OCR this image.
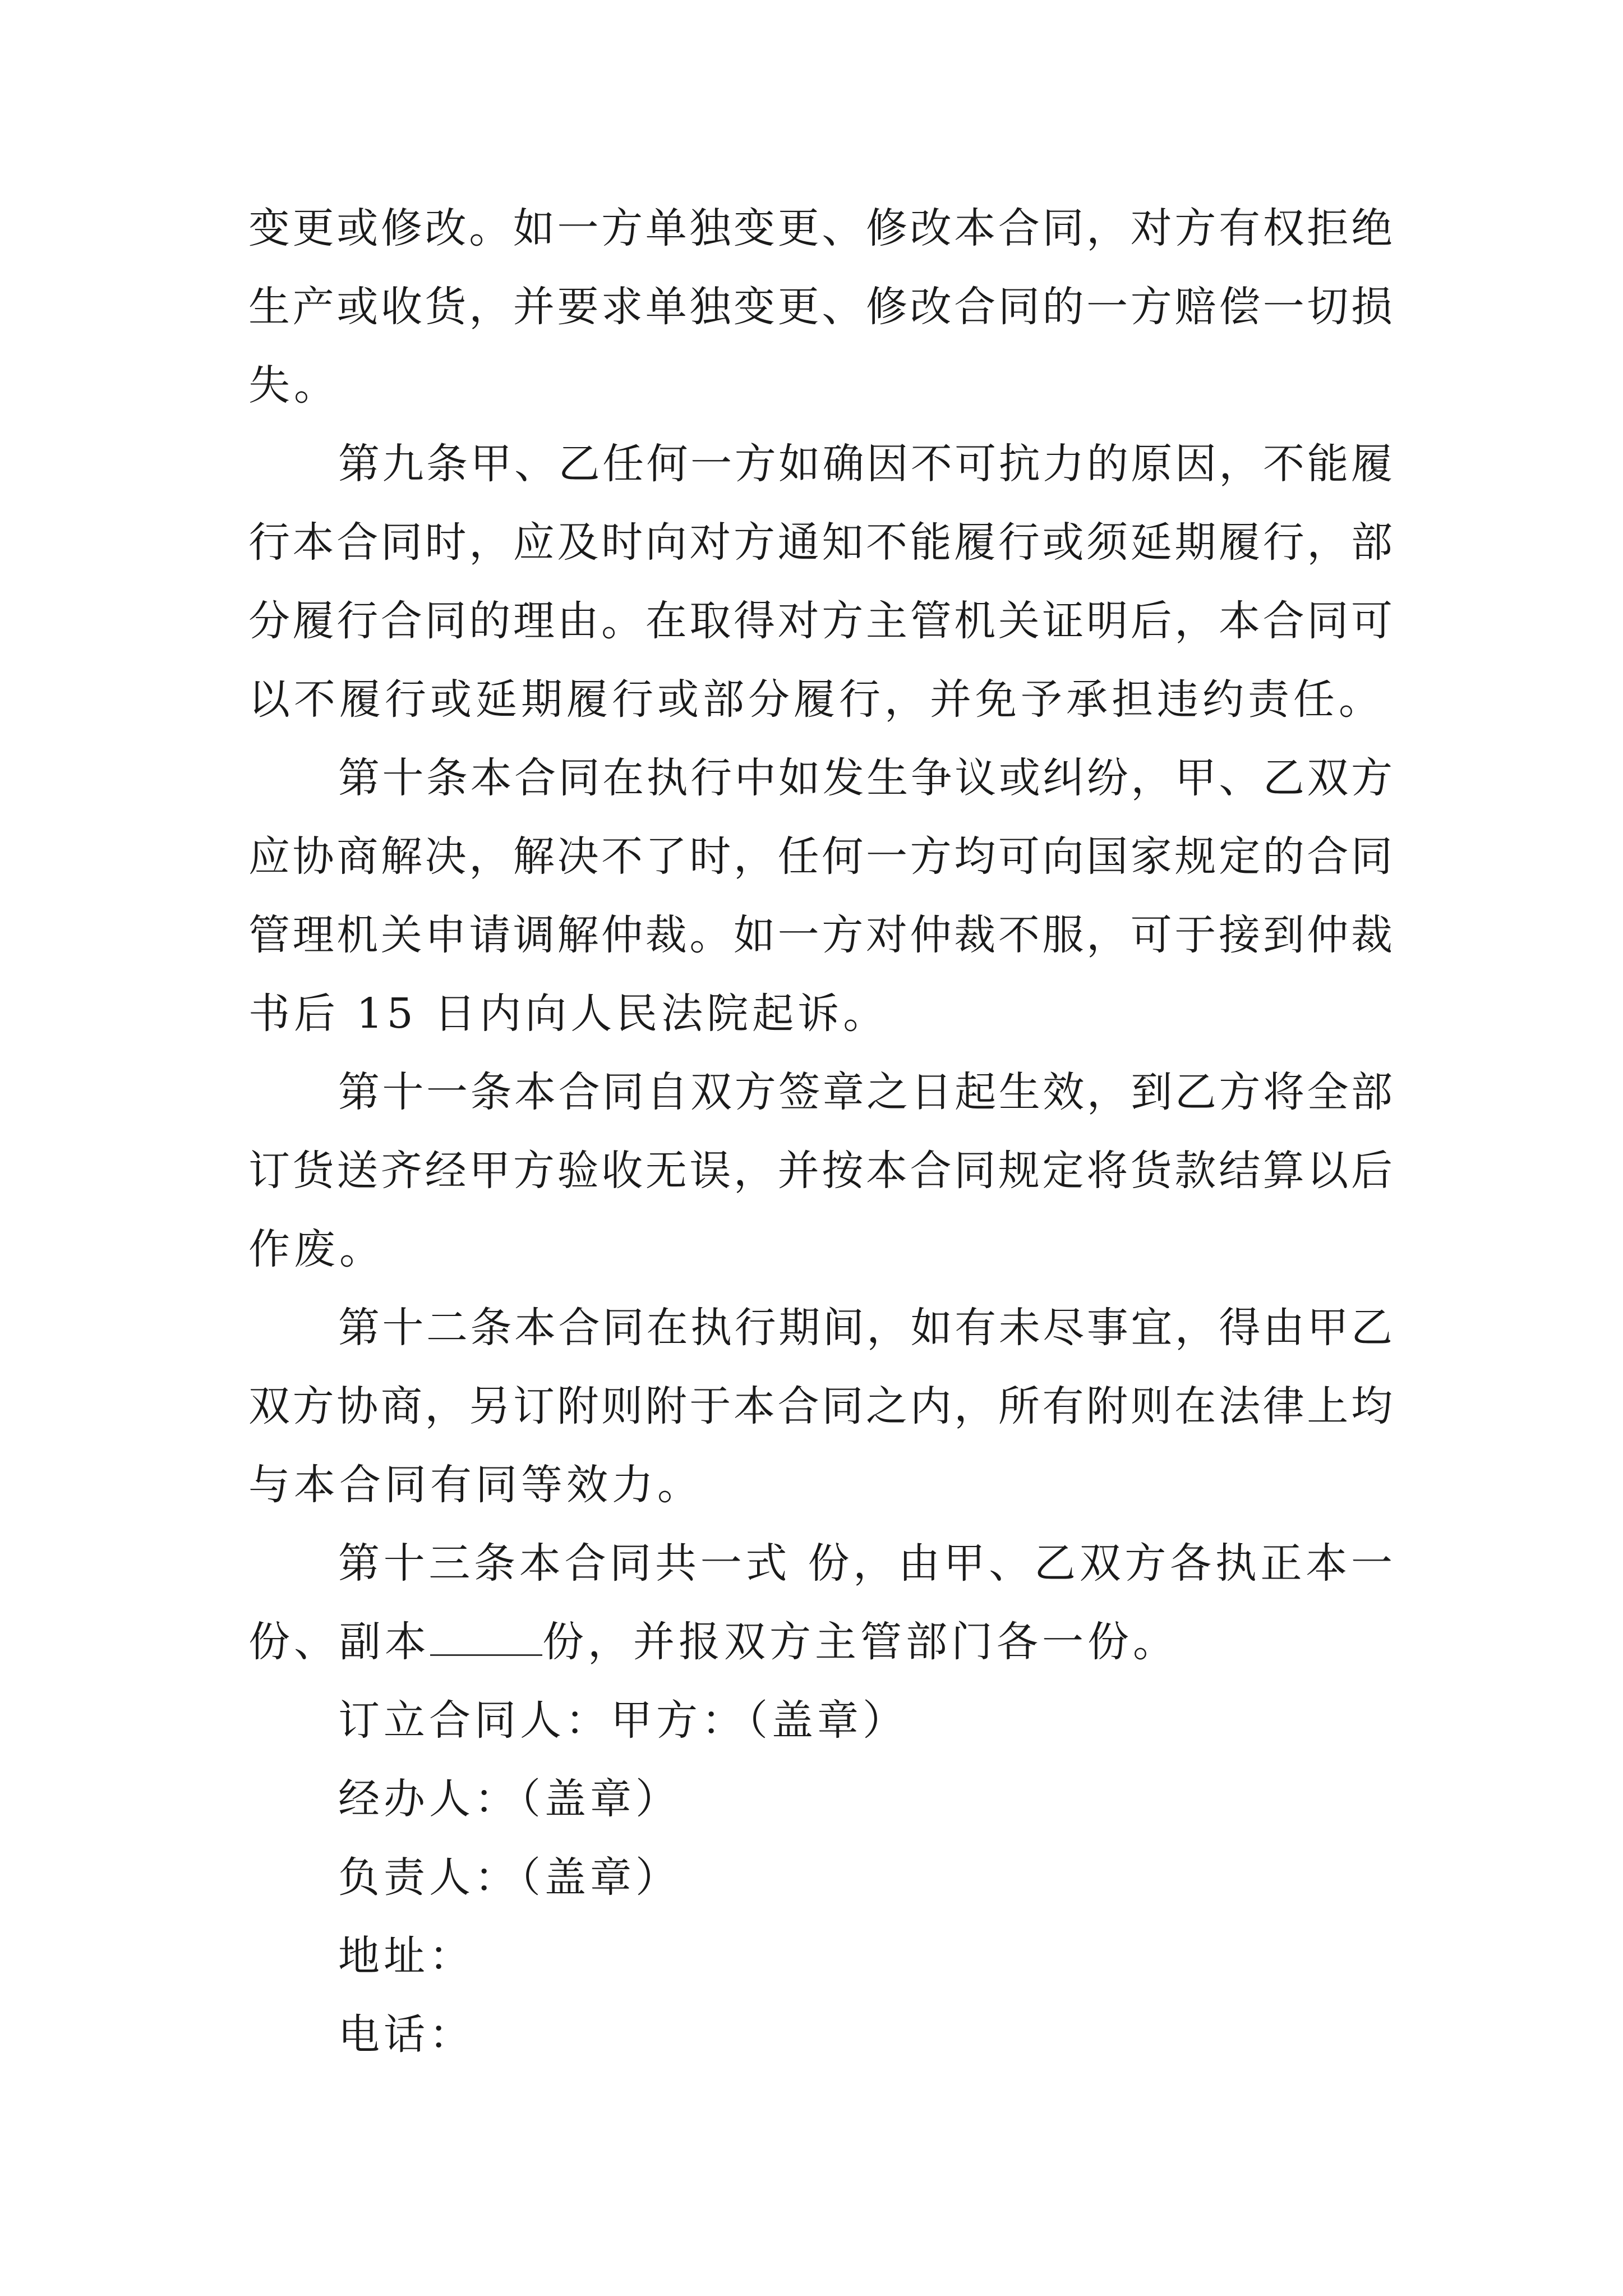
变更或修改。如一方单独变更、修改本合同，对方有权拒绝
生产或收货，并要求单独变更、修改合同的一方赔偿一切损
失。
第九条甲、乙任何一方如确因不可抗力的原因，不能履
行本合同时，应及时向对方通知不能履行或须延期履行，部
分履行合同的理由。在取得对方主管机关证明后，本合同可
以不履行或延期履行或部分履行，并免予承担违约责任。
第十条本合同在执行中如发生争议或纠纷，甲、乙双方
应协商解决，解决不了时，任何一方均可向国家规定的合同
管理机关申请调解仲裁。如一方对仲裁不服，可于接到仲裁
书后 15 日内向人民法院起诉。
第十一条本合同自双方签章之日起生效，到乙方将全部
订货送齐经甲方验收无误，并按本合同规定将货款结算以后
作废。
第十二条本合同在执行期间，如有未尽事宜，得由甲乙
双方协商，另订附则附于本合同之内，所有附则在法律上均
与本合同有同等效力。
第十三条本合同共一式 份，由甲、乙双方各执正本一
份、副本	份，并报双方主管部门各一份。
订立合同人：甲方：（盖章）
经办人：（盖章）
负责人：（盖章）
地址：
电话：
